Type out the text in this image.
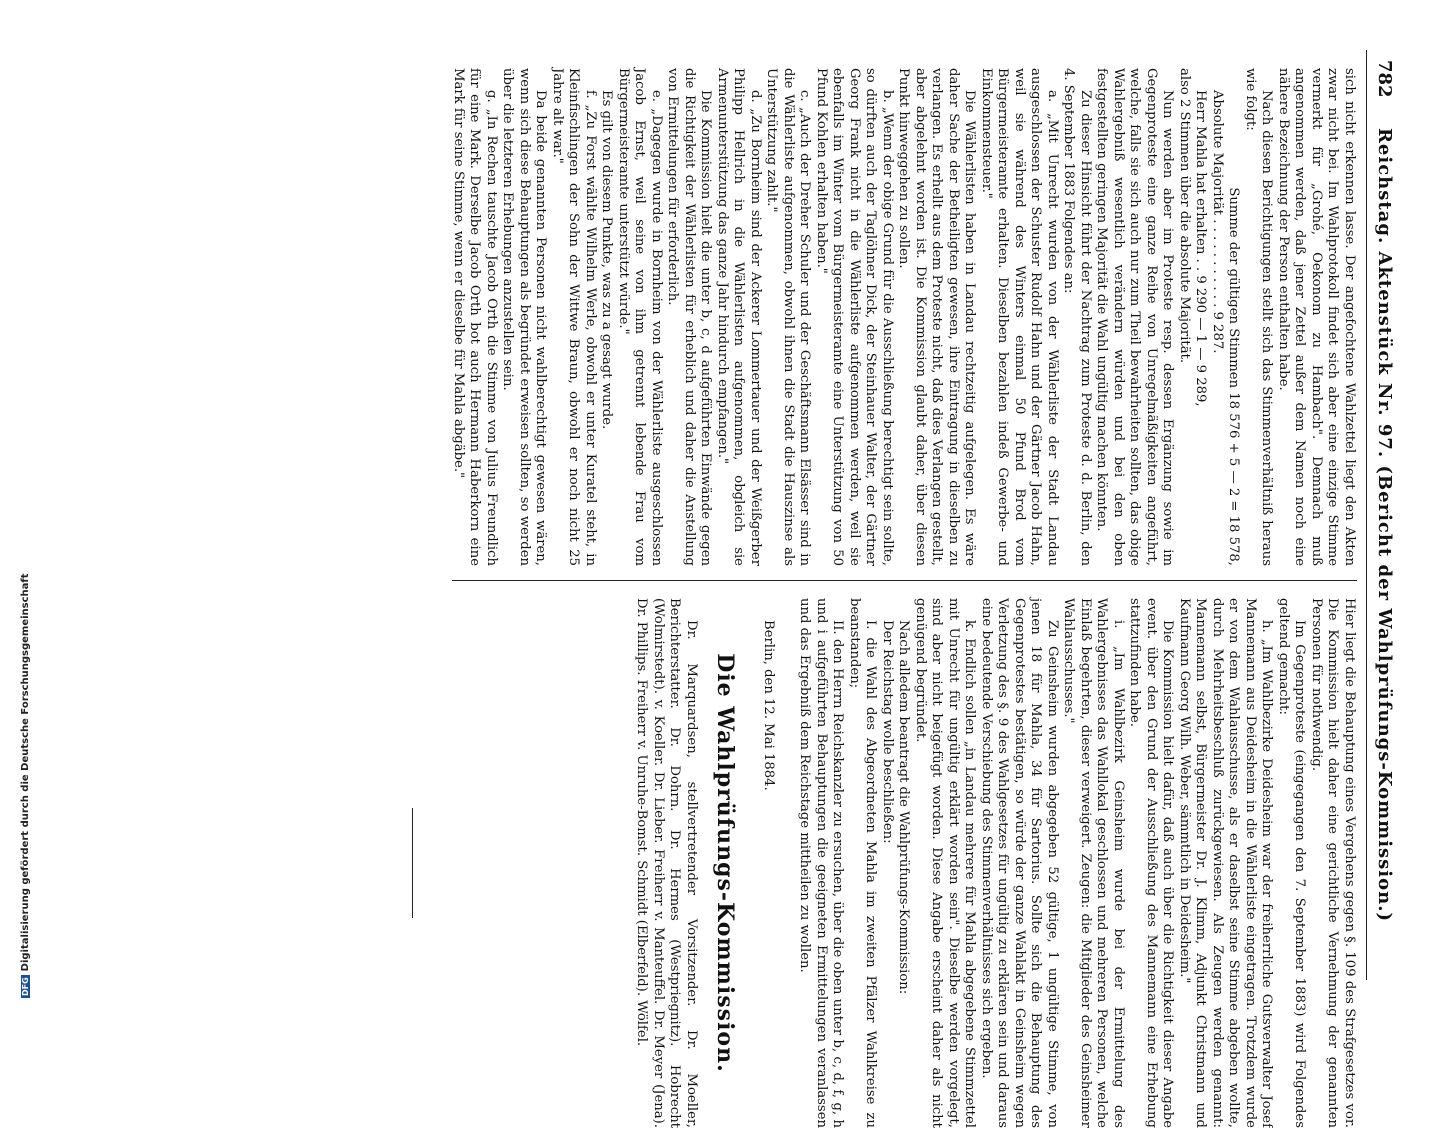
782
Reichstag. Aktenstück Nr. 97. (Bericht der Wahlprüfungs-Kommission.)

sich nicht erkennen lasse. Der angefochtene Wahlzettel liegt den Akten zwar nicht bei. Im Wahlprotokoll findet sich aber eine einzige Stimme vermerkt für „Grohé, Oekonom zu Hambach". Demnach muß angenommen werden, daß jener Zettel außer dem Namen noch eine nähere Bezeichnung der Person enthalten habe.

Nach diesen Berichtigungen stellt sich das Stimmenverhältniß heraus wie folgt:

Summe der gültigen Stimmen 18 576 + 5 — 2 = 18 578,

Absolute Majorität . . . . . . . . . . . 9 287.

Herr Mahla hat erhalten . . 9 290 — 1 — 9 289,

also 2 Stimmen über die absolute Majorität.

Nun werden aber im Proteste resp. dessen Ergänzung sowie im Gegenproteste eine ganze Reihe von Unregelmäßigkeiten angeführt, welche, falls sie sich auch nur zum Theil bewahrheiten sollten, das obige Wahlergebniß wesentlich verändern würden und bei den oben festgestellten geringen Majorität die Wahl ungültig machen könnten.

Zu dieser Hinsicht führt der Nachtrag zum Proteste d. d. Berlin, den 4. September 1883 Folgendes an:

a. „Mit Unrecht wurden von der Wählerliste der Stadt Landau ausgeschlossen der Schuster Rudolf Hahn und der Gärtner Jacob Hahn, weil sie während des Winters einmal 50 Pfund Brod vom Bürgermeisteramte erhalten. Dieselben bezahlen indeß Gewerbe- und Einkommensteuer."

Die Wählerlisten haben in Landau rechtzeitig aufgelegen. Es wäre daher Sache der Betheiligten gewesen, ihre Eintragung in dieselben zu verlangen. Es erhellt aus dem Proteste nicht, daß dies Verlangen gestellt, aber abgelehnt worden ist. Die Kommission glaubt daher, über diesen Punkt hinweggehen zu sollen.

b. „Wenn der obige Grund für die Ausschließung berechtigt sein sollte, so dürften auch der Taglöhner Dick, der Steinhauer Walter, der Gärtner Georg Frank nicht in die Wählerliste aufgenommen werden, weil sie ebenfalls im Winter vom Bürgermeisteramte eine Unterstützung von 50 Pfund Kohlen erhalten haben."

c. „Auch der Dreher Schuler und der Geschäftsmann Elsässer sind in die Wählerliste aufgenommen, obwohl ihnen die Stadt die Hauszinse als Unterstützung zahlt."

d. „Zu Bornheim sind der Ackerer Lommertauer und der Weißgerber Philipp Hellrich in die Wählerlisten aufgenommen, obgleich sie Armenunterstützung das ganze Jahr hindurch empfangen."

Die Kommission hielt die unter b, c, d aufgeführten Einwände gegen die Richtigkeit der Wählerlisten für erheblich und daher die Anstellung von Ermittelungen für erforderlich.

e. „Dagegen wurde in Bornheim von der Wählerliste ausgeschlossen Jacob Ernst, weil seine von ihm getrennt lebende Frau vom Bürgermeisteramte unterstützt würde."

Es gilt von diesem Punkte, was zu a gesagt wurde.

f. „Zu Forst wählte Wilhelm Werle, obwohl er unter Kuratel steht, in Kleinfischlingen der Sohn der Wittwe Braun, obwohl er noch nicht 25 Jahre alt war."

Da beide genannten Personen nicht wahlberechtigt gewesen wären, wenn sich diese Behauptungen als begründet erweisen sollten, so werden über die letzteren Erhebungen anzustellen sein.

g. „In Rechen tauschte Jacob Orth die Stimme von Julius Freundlich für eine Mark. Derselbe Jacob Orth bot auch Hermann Haberkorn eine Mark für seine Stimme, wenn er dieselbe für Mahla abgäbe."

Hier liegt die Behauptung eines Vergehens gegen §. 109 des Strafgesetzes vor. Die Kommission hielt daher eine gerichtliche Vernehmung der genannten Personen für nothwendig.

Im Gegenproteste (eingegangen den 7. September 1883) wird Folgendes geltend gemacht:

h. „Im Wahlbezirke Deidesheim war der freiherrliche Gutsverwalter Josef Mannemann aus Deidesheim in die Wählerliste eingetragen. Trotzdem wurde er von dem Wahlausschusse, als er daselbst seine Stimme abgeben wollte, durch Mehrheitsbeschluß zurückgewiesen. Als Zeugen werden genannt: Mannemann selbst, Bürgermeister Dr. J. Klimm, Adjunkt Christmann und Kaufmann Georg Wilh. Weber, sämmtlich in Deidesheim."

Die Kommission hielt dafür, daß auch über die Richtigkeit dieser Angabe event. über den Grund der Ausschließung des Mannemann eine Erhebung stattzufinden habe.

i. „Im Wahlbezirk Geinsheim wurde bei der Ermittelung des Wahlergebnisses das Wahllokal geschlossen und mehreren Personen, welche Einlaß begehrten, dieser verweigert. Zeugen: die Mitglieder des Geinsheimer Wahlausschusses."

Zu Geinsheim wurden abgegeben 52 gültige, 1 ungültige Stimme, von jenen 18 für Mahla, 34 für Sartorius. Sollte sich die Behauptung des Gegenprotestes bestätigen, so würde der ganze Wahlakt in Geinsheim wegen Verletzung des §. 9 des Wahlgesetzes für ungültig zu erklären sein und daraus eine bedeutende Verschiebung des Stimmenverhältnisses sich ergeben.

k. Endlich sollen „in Landau mehrere für Mahla abgegebene Stimmzettel mit Unrecht für ungültig erklärt worden sein". Dieselbe werden vorgelegt, sind aber nicht beigefügt worden. Diese Angabe erscheint daher als nicht genügend begründet.

Nach alledem beantragt die Wahlprüfungs-Kommission:

Der Reichstag wolle beschließen:

I. die Wahl des Abgeordneten Mahla im zweiten Pfälzer Wahlkreise zu beanstanden;

II. den Herrn Reichskanzler zu ersuchen, über die oben unter b, c, d, f, g, h und i aufgeführten Behauptungen die geeigneten Ermittelungen veranlassen und das Ergebniß dem Reichstage mittheilen zu wollen.

Berlin, den 12. Mai 1884.

Die Wahlprüfungs-Kommission.

Dr. Marquardsen, stellvertretender Vorsitzender. Dr. Moeller, Berichterstatter. Dr. Dohrn. Dr. Hermes (Westpriegnitz). Hobrecht (Wolmirstedt). v. Koeller. Dr. Lieber. Freiherr v. Manteuffel. Dr. Meyer (Jena). Dr. Phillips. Freiherr v. Unruhe-Bomst. Schmidt (Elberfeld). Wölfel.

DFGDigitalisierung gefördert durch die Deutsche Forschungsgemeinschaft
